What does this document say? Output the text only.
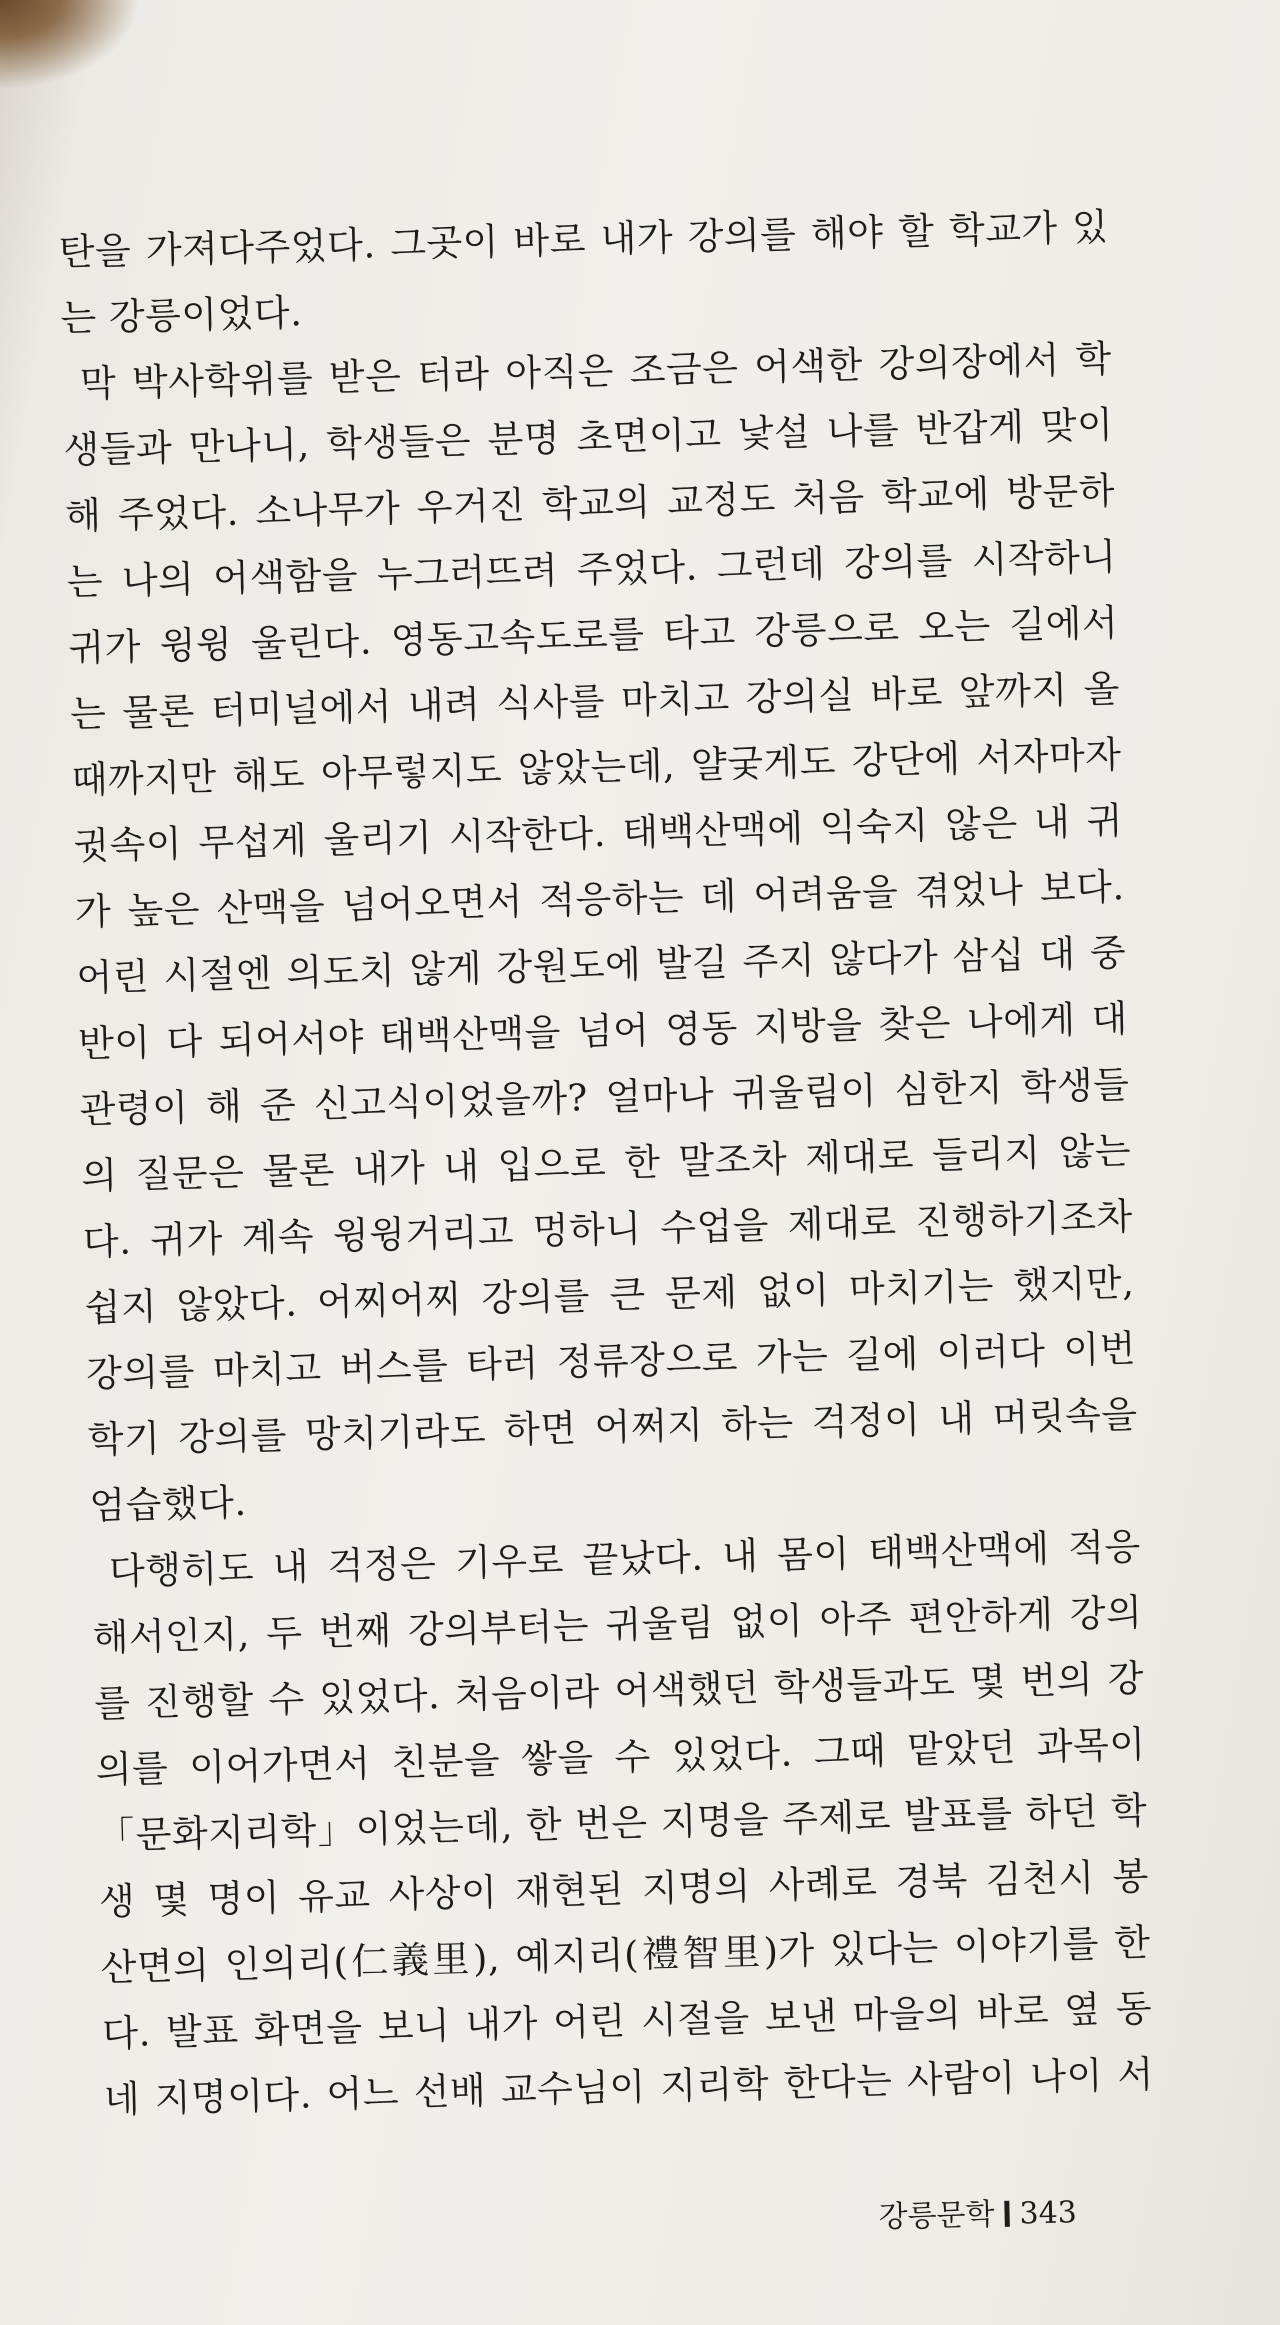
탄을 가져다주었다. 그곳이 바로 내가 강의를 해야 할 학교가 있
는 강릉이었다.
막 박사학위를 받은 터라 아직은 조금은 어색한 강의장에서 학
생들과 만나니, 학생들은 분명 초면이고 낯설 나를 반갑게 맞이
해 주었다. 소나무가 우거진 학교의 교정도 처음 학교에 방문하
는 나의 어색함을 누그러뜨려 주었다. 그런데 강의를 시작하니
귀가 윙윙 울린다. 영동고속도로를 타고 강릉으로 오는 길에서
는 물론 터미널에서 내려 식사를 마치고 강의실 바로 앞까지 올
때까지만 해도 아무렇지도 않았는데, 얄궂게도 강단에 서자마자
귓속이 무섭게 울리기 시작한다. 태백산맥에 익숙지 않은 내 귀
가 높은 산맥을 넘어오면서 적응하는 데 어려움을 겪었나 보다.
어린 시절엔 의도치 않게 강원도에 발길 주지 않다가 삼십 대 중
반이 다 되어서야 태백산맥을 넘어 영동 지방을 찾은 나에게 대
관령이 해 준 신고식이었을까? 얼마나 귀울림이 심한지 학생들
의 질문은 물론 내가 내 입으로 한 말조차 제대로 들리지 않는
다. 귀가 계속 윙윙거리고 멍하니 수업을 제대로 진행하기조차
쉽지 않았다. 어찌어찌 강의를 큰 문제 없이 마치기는 했지만,
강의를 마치고 버스를 타러 정류장으로 가는 길에 이러다 이번
학기 강의를 망치기라도 하면 어쩌지 하는 걱정이 내 머릿속을
엄습했다.
다행히도 내 걱정은 기우로 끝났다. 내 몸이 태백산맥에 적응
해서인지, 두 번째 강의부터는 귀울림 없이 아주 편안하게 강의
를 진행할 수 있었다. 처음이라 어색했던 학생들과도 몇 번의 강
의를 이어가면서 친분을 쌓을 수 있었다. 그때 맡았던 과목이
「문화지리학」이었는데, 한 번은 지명을 주제로 발표를 하던 학
생 몇 명이 유교 사상이 재현된 지명의 사례로 경북 김천시 봉
산면의 인의리(仁義里), 예지리(禮智里)가 있다는 이야기를 한
다. 발표 화면을 보니 내가 어린 시절을 보낸 마을의 바로 옆 동
네 지명이다. 어느 선배 교수님이 지리학 한다는 사람이 나이 서
강릉문학 343
